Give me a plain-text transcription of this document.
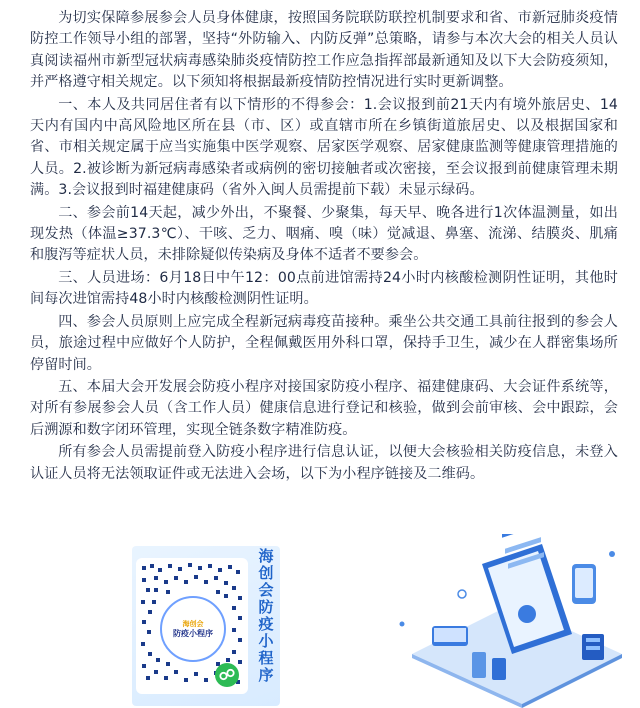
为切实保障参展参会人员身体健康，按照国务院联防联控机制要求和省、市新冠肺炎疫情防控工作领导小组的部署，坚持“外防输入、内防反弹”总策略，请参与本次大会的相关人员认真阅读福州市新型冠状病毒感染肺炎疫情防控工作应急指挥部最新通知及以下大会防疫须知，并严格遵守相关规定。以下须知将根据最新疫情防控情况进行实时更新调整。

一、本人及共同居住者有以下情形的不得参会：1.会议报到前21天内有境外旅居史、14天内有国内中高风险地区所在县（市、区）或直辖市所在乡镇街道旅居史、以及根据国家和省、市相关规定属于应当实施集中医学观察、居家医学观察、居家健康监测等健康管理措施的人员。2.被诊断为新冠病毒感染者或病例的密切接触者或次密接，至会议报到前健康管理未期满。3.会议报到时福建健康码（省外入闽人员需提前下载）未显示绿码。

二、参会前14天起，减少外出，不聚餐、少聚集，每天早、晚各进行1次体温测量，如出现发热（体温≥37.3℃）、干咳、乏力、咽痛、嗅（味）觉减退、鼻塞、流涕、结膜炎、肌痛和腹泻等症状人员，未排除疑似传染病及身体不适者不要参会。

三、人员进场：6月18日中午12：00点前进馆需持24小时内核酸检测阴性证明，其他时间每次进馆需持48小时内核酸检测阴性证明。

四、参会人员原则上应完成全程新冠病毒疫苗接种。乘坐公共交通工具前往报到的参会人员，旅途过程中应做好个人防护，全程佩戴医用外科口罩，保持手卫生，减少在人群密集场所停留时间。

五、本届大会开发展会防疫小程序对接国家防疫小程序、福建健康码、大会证件系统等，对所有参展参会人员（含工作人员）健康信息进行登记和核验，做到会前审核、会中跟踪，会后溯源和数字闭环管理，实现全链条数字精准防疫。

所有参会人员需提前登入防疫小程序进行信息认证，以便大会核验相关防疫信息，未登入认证人员将无法领取证件或无法进入会场，以下为小程序链接及二维码。

海创会
防疫小程序
海创会防疫小程序
